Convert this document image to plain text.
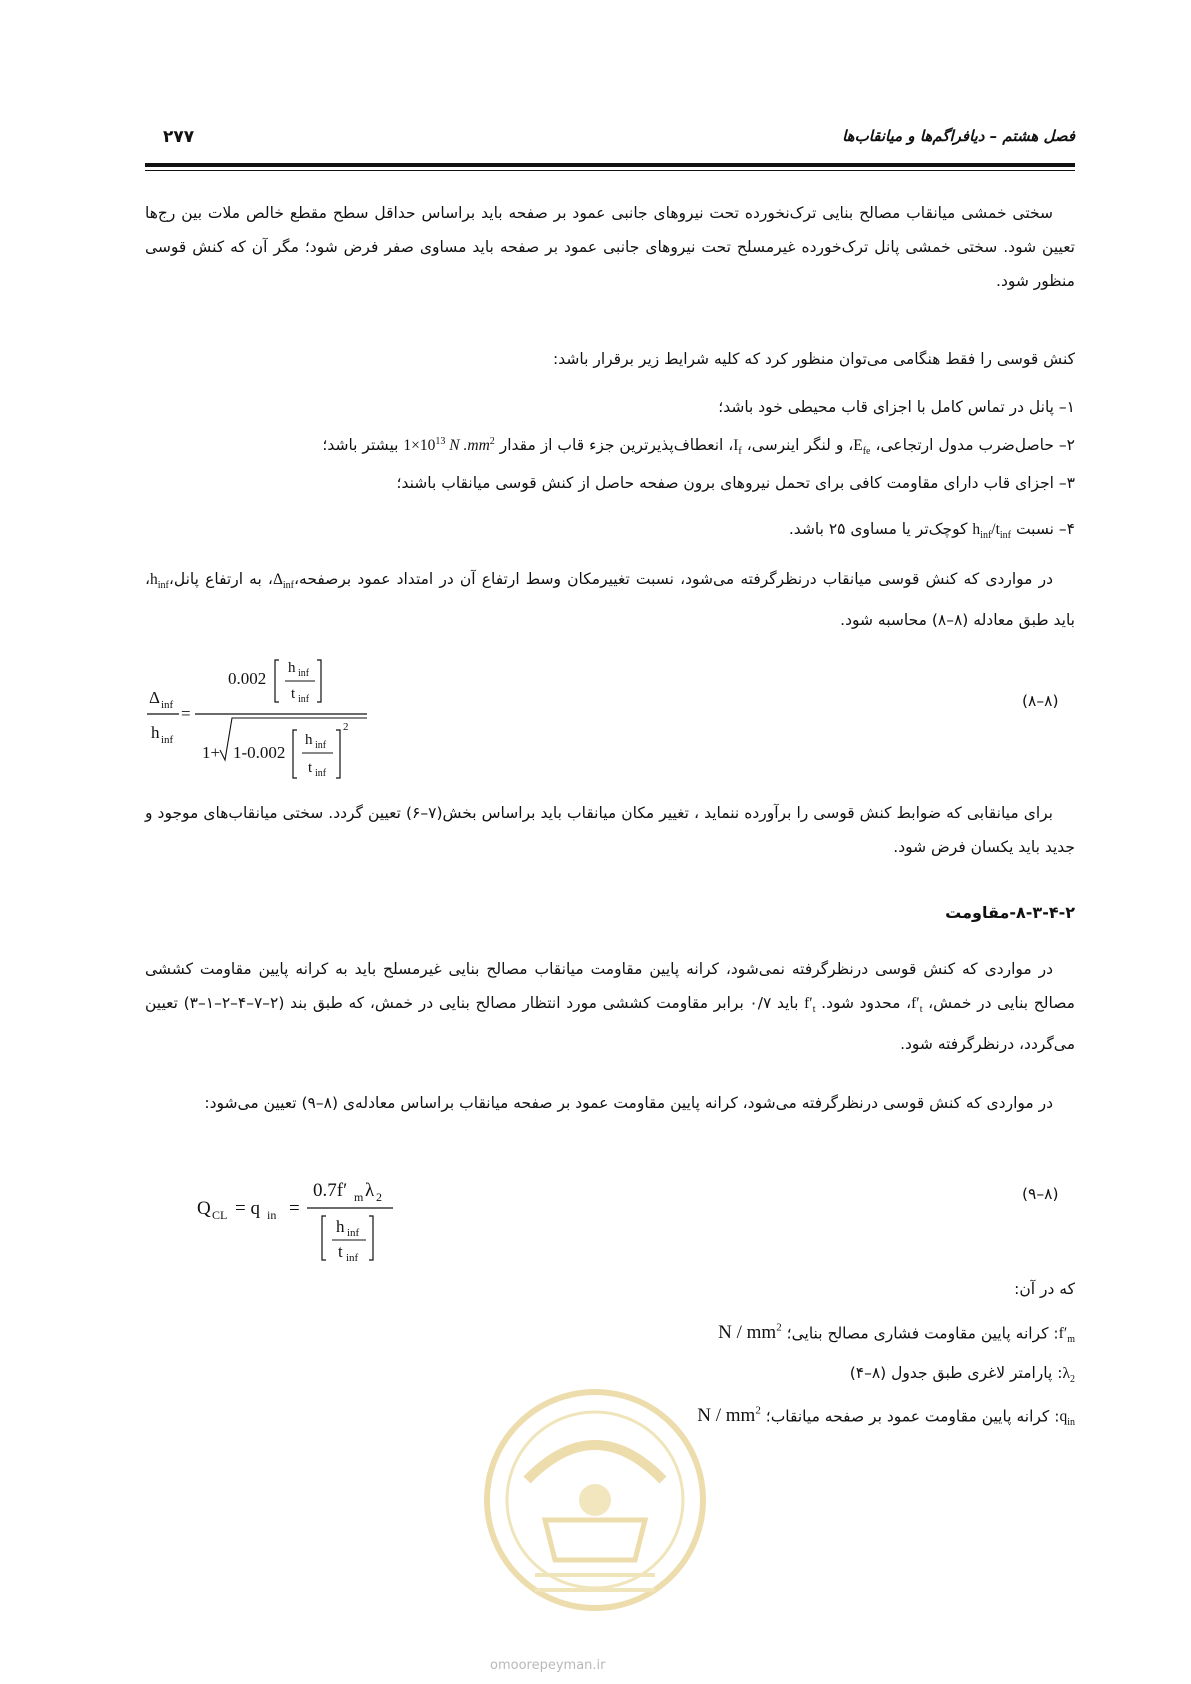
فصل هشتم – دیافراگم‌ها و میانقاب‌ها
۲۷۷

سختی خمشی میانقاب مصالح بنایی ترک‌نخورده تحت نیروهای جانبی عمود بر صفحه باید براساس حداقل سطح مقطع خالص ملات بین رج‌ها تعیین شود. سختی خمشی پانل ترک‌خورده غیرمسلح تحت نیروهای جانبی عمود بر صفحه باید مساوی صفر فرض شود؛ مگر آن که کنش قوسی منظور شود.

کنش قوسی را فقط هنگامی می‌توان منظور کرد که کلیه شرایط زیر برقرار باشد:
۱– پانل در تماس کامل با اجزای قاب محیطی خود باشد؛
۲– حاصل‌ضرب مدول ارتجاعی، $E_{fe}،$ و لنگر اینرسی، $I_f،$ انعطاف‌پذیرترین جزء قاب از مقدار $1\times 10^{13}$ N $.mm^2$ بیشتر باشد؛
۳– اجزای قاب دارای مقاومت کافی برای تحمل نیروهای برون صفحه حاصل از کنش قوسی میانقاب باشند؛
۴– نسبت $h_{inf}/t_{inf}$ کوچک‌تر یا مساوی ۲۵ باشد.

در مواردی که کنش قوسی میانقاب درنظرگرفته می‌شود، نسبت تغییرمکان وسط ارتفاع آن در امتداد عمود $برصفحه،\Delta_{inf}،$ به ارتفاع $پانل،h_{inf}،$ باید طبق معادله (۸–۸) محاسبه شود.

Δ inf
h inf
=
0.002
h inf
t inf
1+ 1-0.002
h inf
t inf
2
(۸–۸)

برای میانقابی که ضوابط کنش قوسی را برآورده ننماید ، تغییر مکان میانقاب باید براساس بخش(۷–۶) تعیین گردد. سختی میانقاب‌های موجود و جدید باید یکسان فرض شود.

۸-۳-۴-۲-مقاومت

در مواردی که کنش قوسی درنظرگرفته نمی‌شود، کرانه پایین مقاومت میانقاب مصالح بنایی غیرمسلح باید به کرانه پایین مقاومت کششی مصالح بنایی در خمش، $f'_t،$ محدود شود. $f'_t$ باید ۰/۷ برابر مقاومت کششی مورد انتظار مصالح بنایی در خمش، که طبق بند (۲–۷–۴–۲–۱–۳) تعیین می‌گردد، درنظرگرفته شود.

در مواردی که کنش قوسی درنظرگرفته می‌شود، کرانه پایین مقاومت عمود بر صفحه میانقاب براساس معادله‌ی (۸–۹) تعیین می‌شود:

Q CL = q in =
0.7f′ m λ 2
h inf
t inf
(۹–۸)
که در آن:
$f'_m$: کرانه پایین مقاومت فشاری مصالح بنایی؛ N / $mm^2$
$\lambda_2$: پارامتر لاغری طبق جدول (۸–۴)
$q_{in}$: کرانه پایین مقاومت عمود بر صفحه میانقاب؛ N / $mm^2$
omoorepeyman.ir
